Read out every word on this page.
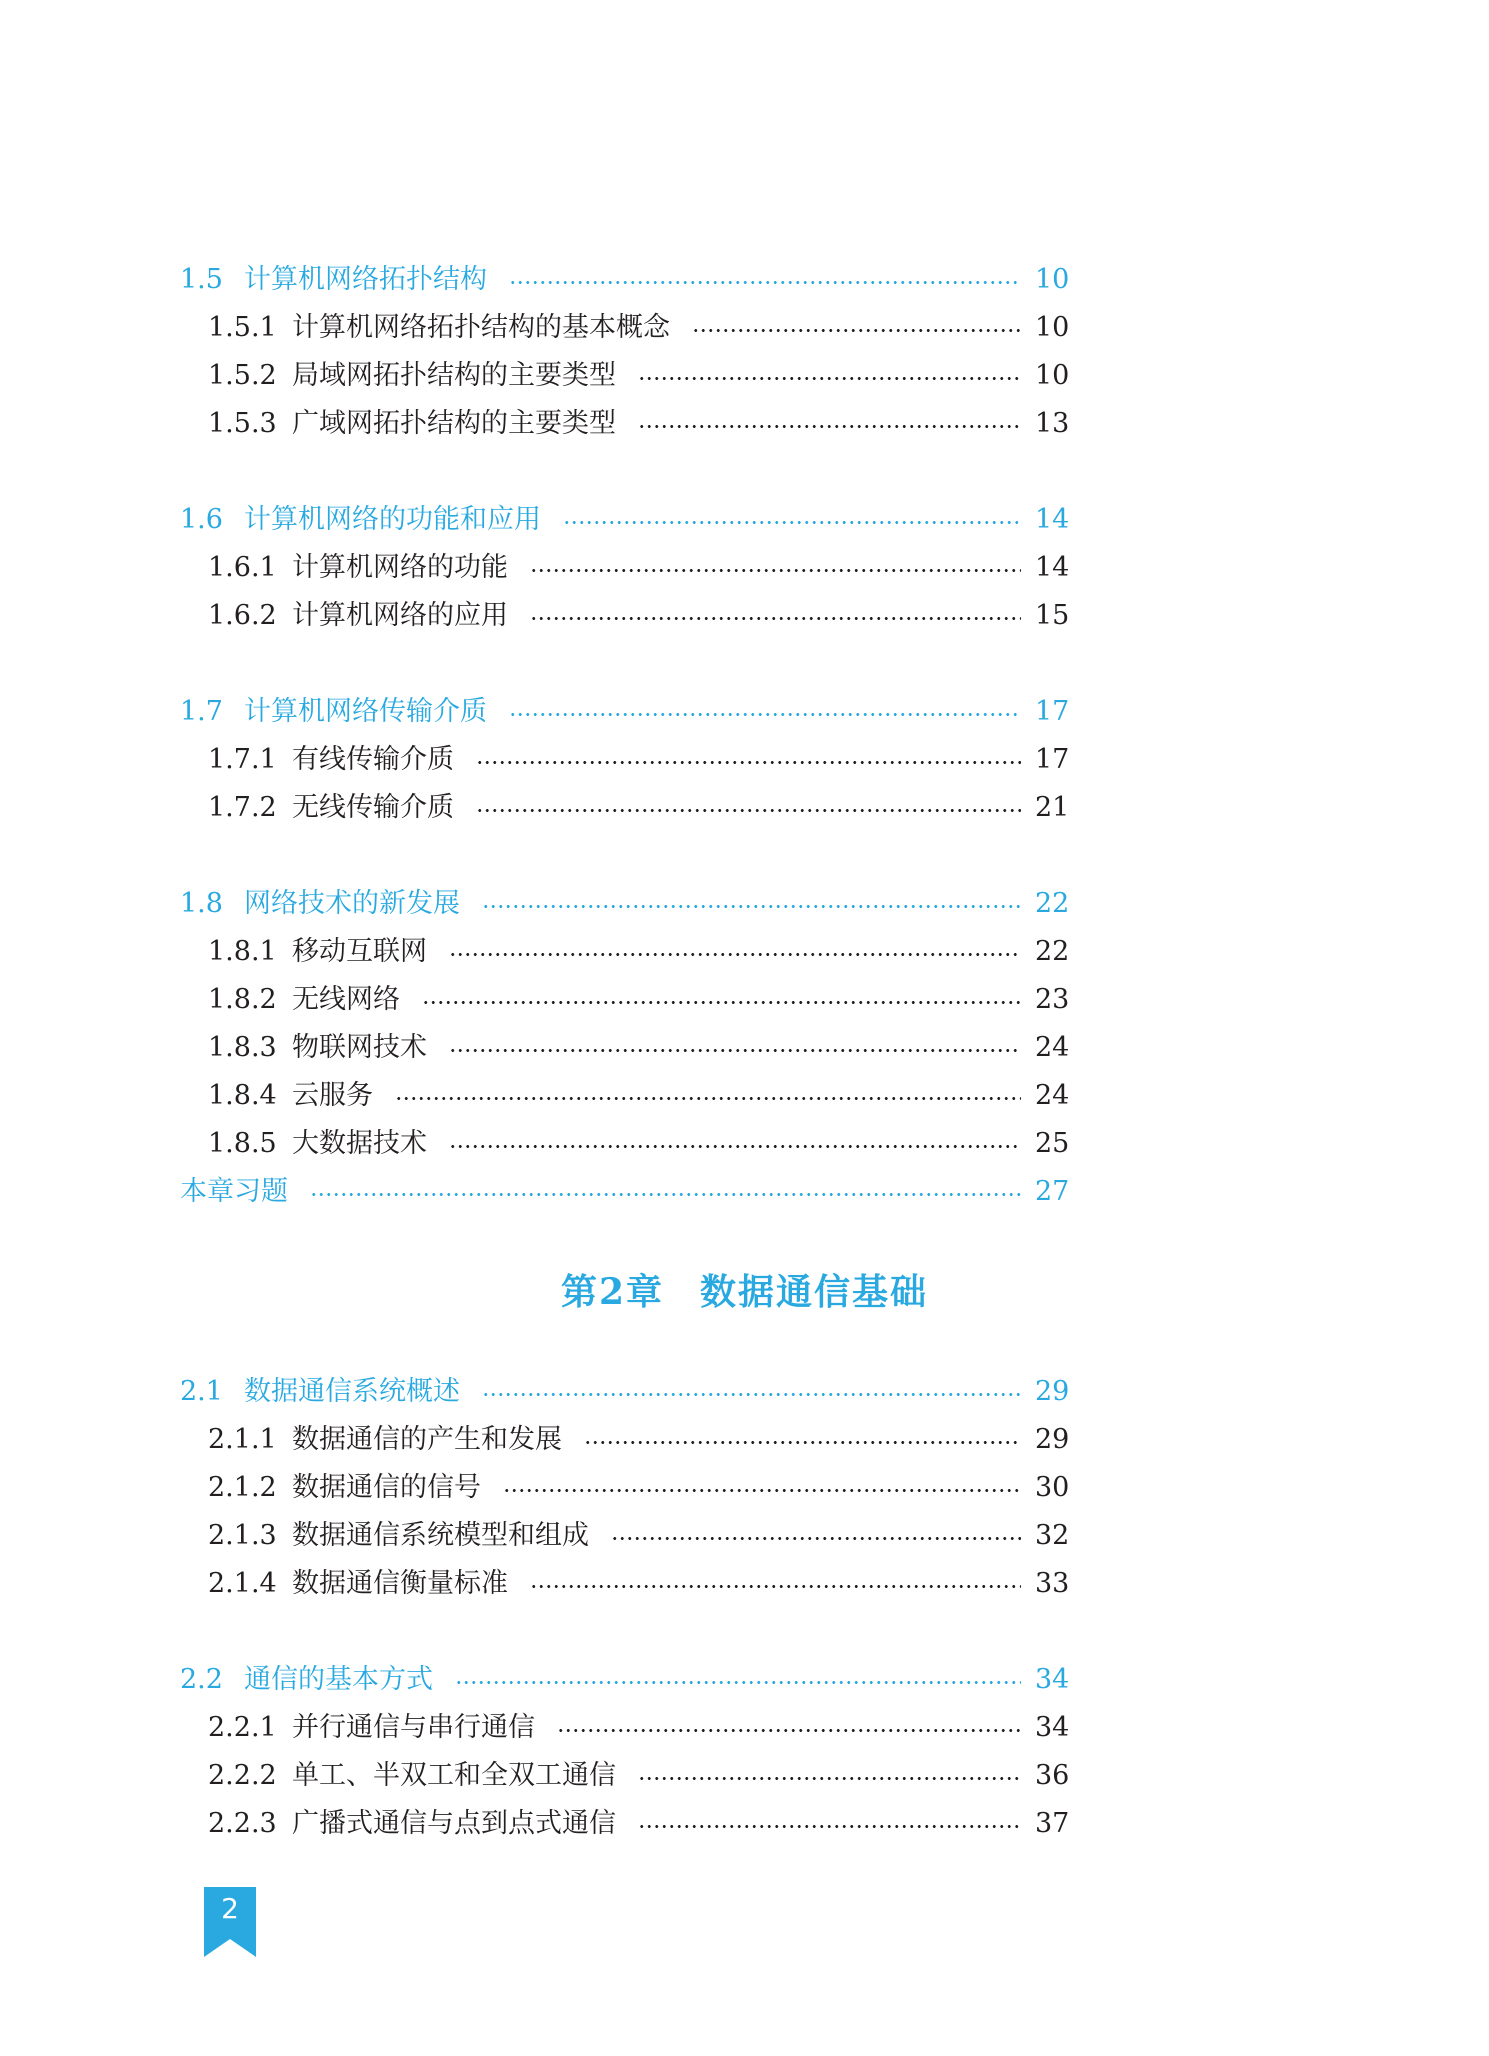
1.5 计算机网络拓扑结构	10
1.5.1 计算机网络拓扑结构的基本概念	10
1.5.2 局域网拓扑结构的主要类型	10
1.5.3 广域网拓扑结构的主要类型	13
1.6 计算机网络的功能和应用	14
1.6.1 计算机网络的功能	14
1.6.2 计算机网络的应用	15
1.7 计算机网络传输介质	17
1.7.1 有线传输介质	17
1.7.2 无线传输介质	21
1.8 网络技术的新发展	22
1.8.1 移动互联网	22
1.8.2 无线网络	23
1.8.3 物联网技术	24
1.8.4 云服务	24
1.8.5 大数据技术	25
本章习题	27
2.1 数据通信系统概述	29
2.1.1 数据通信的产生和发展	29
2.1.2 数据通信的信号	30
2.1.3 数据通信系统模型和组成	32
2.1.4 数据通信衡量标准	33
2.2 通信的基本方式	34
2.2.1 并行通信与串行通信	34
2.2.2 单工、半双工和全双工通信	36
2.2.3 广播式通信与点到点式通信	37
第2章 数据通信基础
2
